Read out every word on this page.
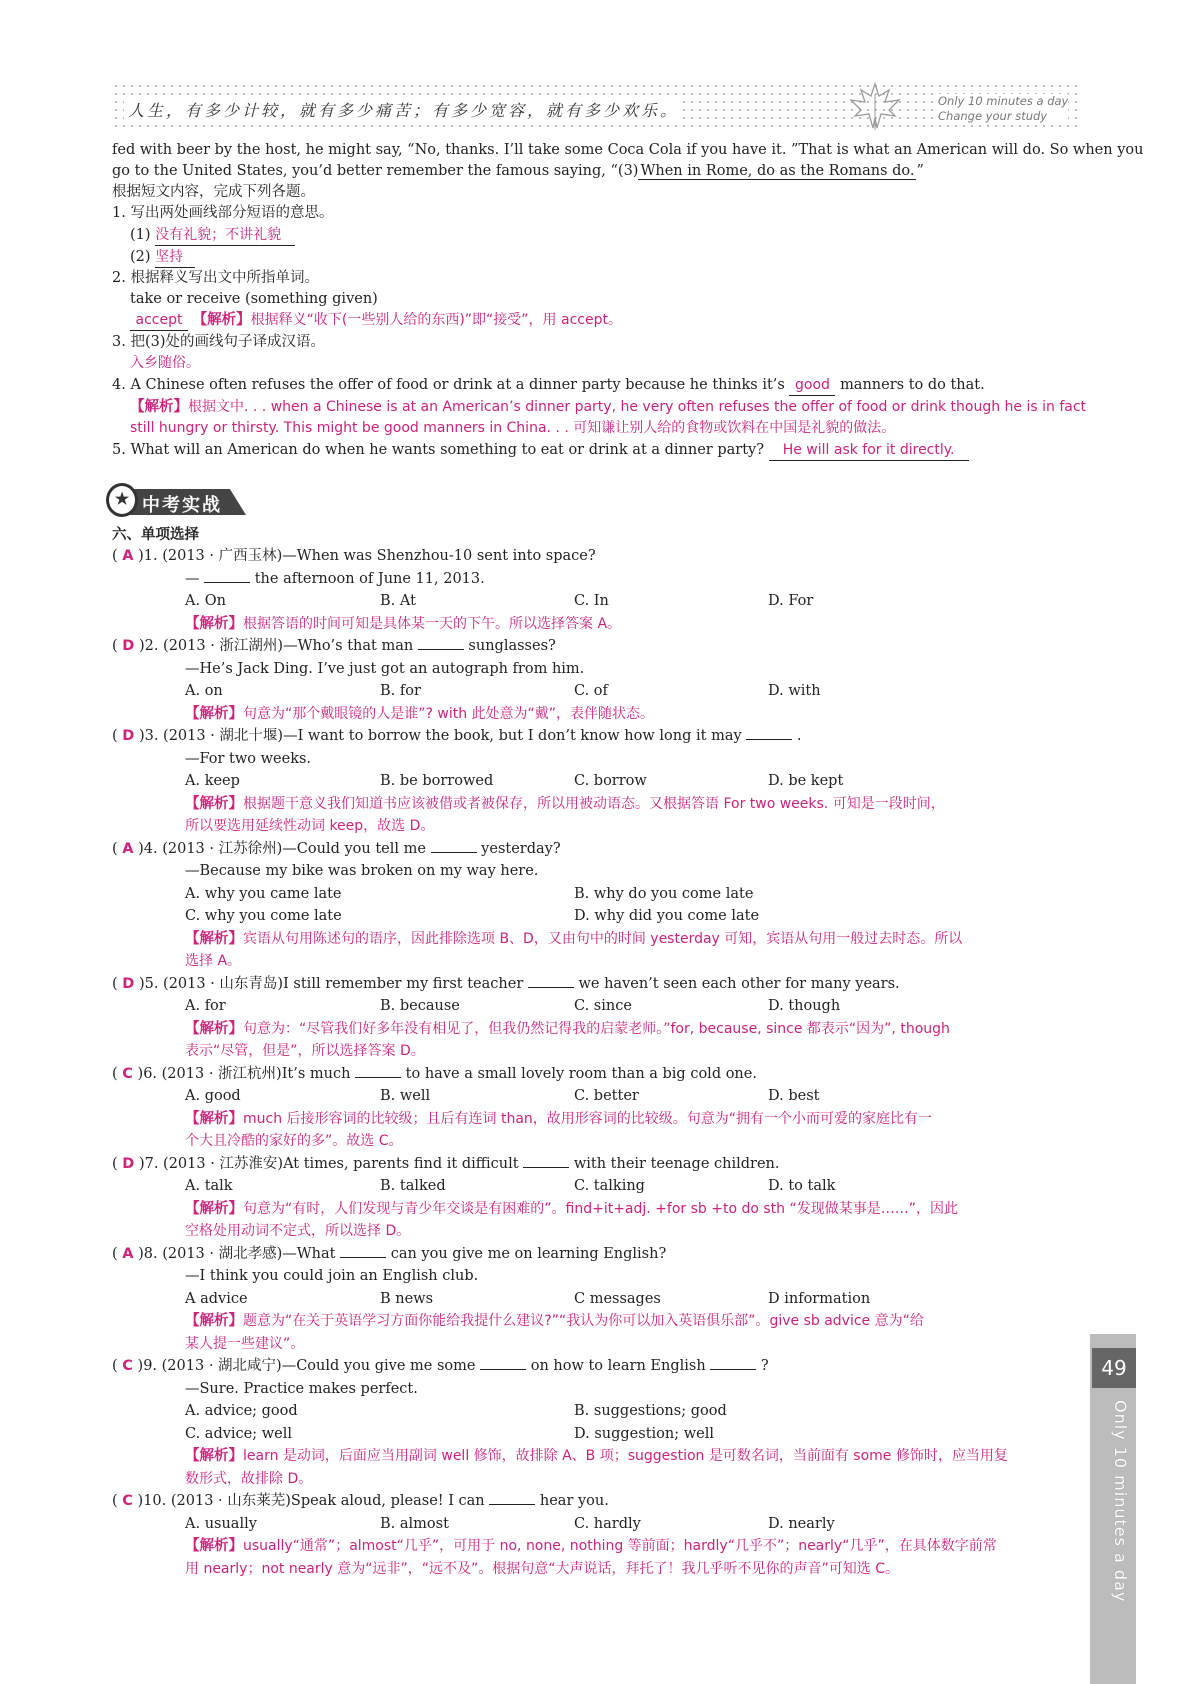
人生，有多少计较，就有多少痛苦；有多少宽容，就有多少欢乐。	Only 10 minutes a day
Change your study
fed with beer by the host, he might say, “No, thanks. I’ll take some Coca Cola if you have it. ”That is what an American will do. So when you
go to the United States, you’d better remember the famous saying, “(3) When in Rome, do as the Romans do. ”
根据短文内容，完成下列各题。
1. 写出两处画线部分短语的意思。
(1) 没有礼貌；不讲礼貌
(2) 坚持
2. 根据释义写出文中所指单词。
take or receive (something given)
accept 【解析】根据释义“收下(一些别人给的东西)”即“接受”，用 accept。
3. 把(3)处的画线句子译成汉语。
入乡随俗。
4. A Chinese often refuses the offer of food or drink at a dinner party because he thinks it’s good manners to do that.
【解析】根据文中. . . when a Chinese is at an American’s dinner party, he very often refuses the offer of food or drink though he is in fact
still hungry or thirsty. This might be good manners in China. . . 可知谦让别人给的食物或饮料在中国是礼貌的做法。
5. What will an American do when he wants something to eat or drink at a dinner party? He will ask for it directly.
★ 中考实战
六、单项选择
( A )1. (2013 · 广西玉林)—When was Shenzhou-10 sent into space?
—	the afternoon of June 11, 2013.
A. On	B. At	C. In	D. For
【解析】根据答语的时间可知是具体某一天的下午。所以选择答案 A。
( D )2. (2013 · 浙江湖州)—Who’s that man	sunglasses?
—He’s Jack Ding. I’ve just got an autograph from him.
A. on	B. for	C. of	D. with
【解析】句意为“那个戴眼镜的人是谁”? with 此处意为“戴”，表伴随状态。
( D )3. (2013 · 湖北十堰)—I want to borrow the book, but I don’t know how long it may	.
—For two weeks.
A. keep	B. be borrowed	C. borrow	D. be kept
【解析】根据题干意义我们知道书应该被借或者被保存，所以用被动语态。又根据答语 For two weeks. 可知是一段时间，
所以要选用延续性动词 keep，故选 D。
( A )4. (2013 · 江苏徐州)—Could you tell me	yesterday?
—Because my bike was broken on my way here.
A. why you came late	B. why do you come late
C. why you come late	D. why did you come late
【解析】宾语从句用陈述句的语序，因此排除选项 B、D，又由句中的时间 yesterday 可知，宾语从句用一般过去时态。所以
选择 A。
( D )5. (2013 · 山东青岛)I still remember my first teacher	we haven’t seen each other for many years.
A. for	B. because	C. since	D. though
【解析】句意为：“尽管我们好多年没有相见了，但我仍然记得我的启蒙老师。”for, because, since 都表示“因为”, though
表示“尽管，但是”，所以选择答案 D。
( C )6. (2013 · 浙江杭州)It’s much	to have a small lovely room than a big cold one.
A. good	B. well	C. better	D. best
【解析】much 后接形容词的比较级；且后有连词 than，故用形容词的比较级。句意为“拥有一个小而可爱的家庭比有一
个大且冷酷的家好的多”。故选 C。
( D )7. (2013 · 江苏淮安)At times, parents find it difficult	with their teenage children.
A. talk	B. talked	C. talking	D. to talk
【解析】句意为“有时，人们发现与青少年交谈是有困难的”。find+it+adj. +for sb +to do sth “发现做某事是……”，因此
空格处用动词不定式，所以选择 D。
( A )8. (2013 · 湖北孝感)—What	can you give me on learning English?
—I think you could join an English club.
A advice	B news	C messages	D information
【解析】题意为“在关于英语学习方面你能给我提什么建议?”“我认为你可以加入英语俱乐部”。give sb advice 意为“给
某人提一些建议”。
( C )9. (2013 · 湖北咸宁)—Could you give me some	on how to learn English	?
—Sure. Practice makes perfect.
A. advice; good	B. suggestions; good
C. advice; well	D. suggestion; well
【解析】learn 是动词，后面应当用副词 well 修饰，故排除 A、B 项；suggestion 是可数名词，当前面有 some 修饰时，应当用复
数形式，故排除 D。
( C )10. (2013 · 山东莱芜)Speak aloud, please! I can	hear you.
A. usually	B. almost	C. hardly	D. nearly
【解析】usually“通常”；almost“几乎”，可用于 no, none, nothing 等前面；hardly“几乎不”；nearly“几乎”，在具体数字前常
用 nearly；not nearly 意为“远非”，“远不及”。根据句意“大声说话，拜托了！我几乎听不见你的声音”可知选 C。
49
Only 10 minutes a day
